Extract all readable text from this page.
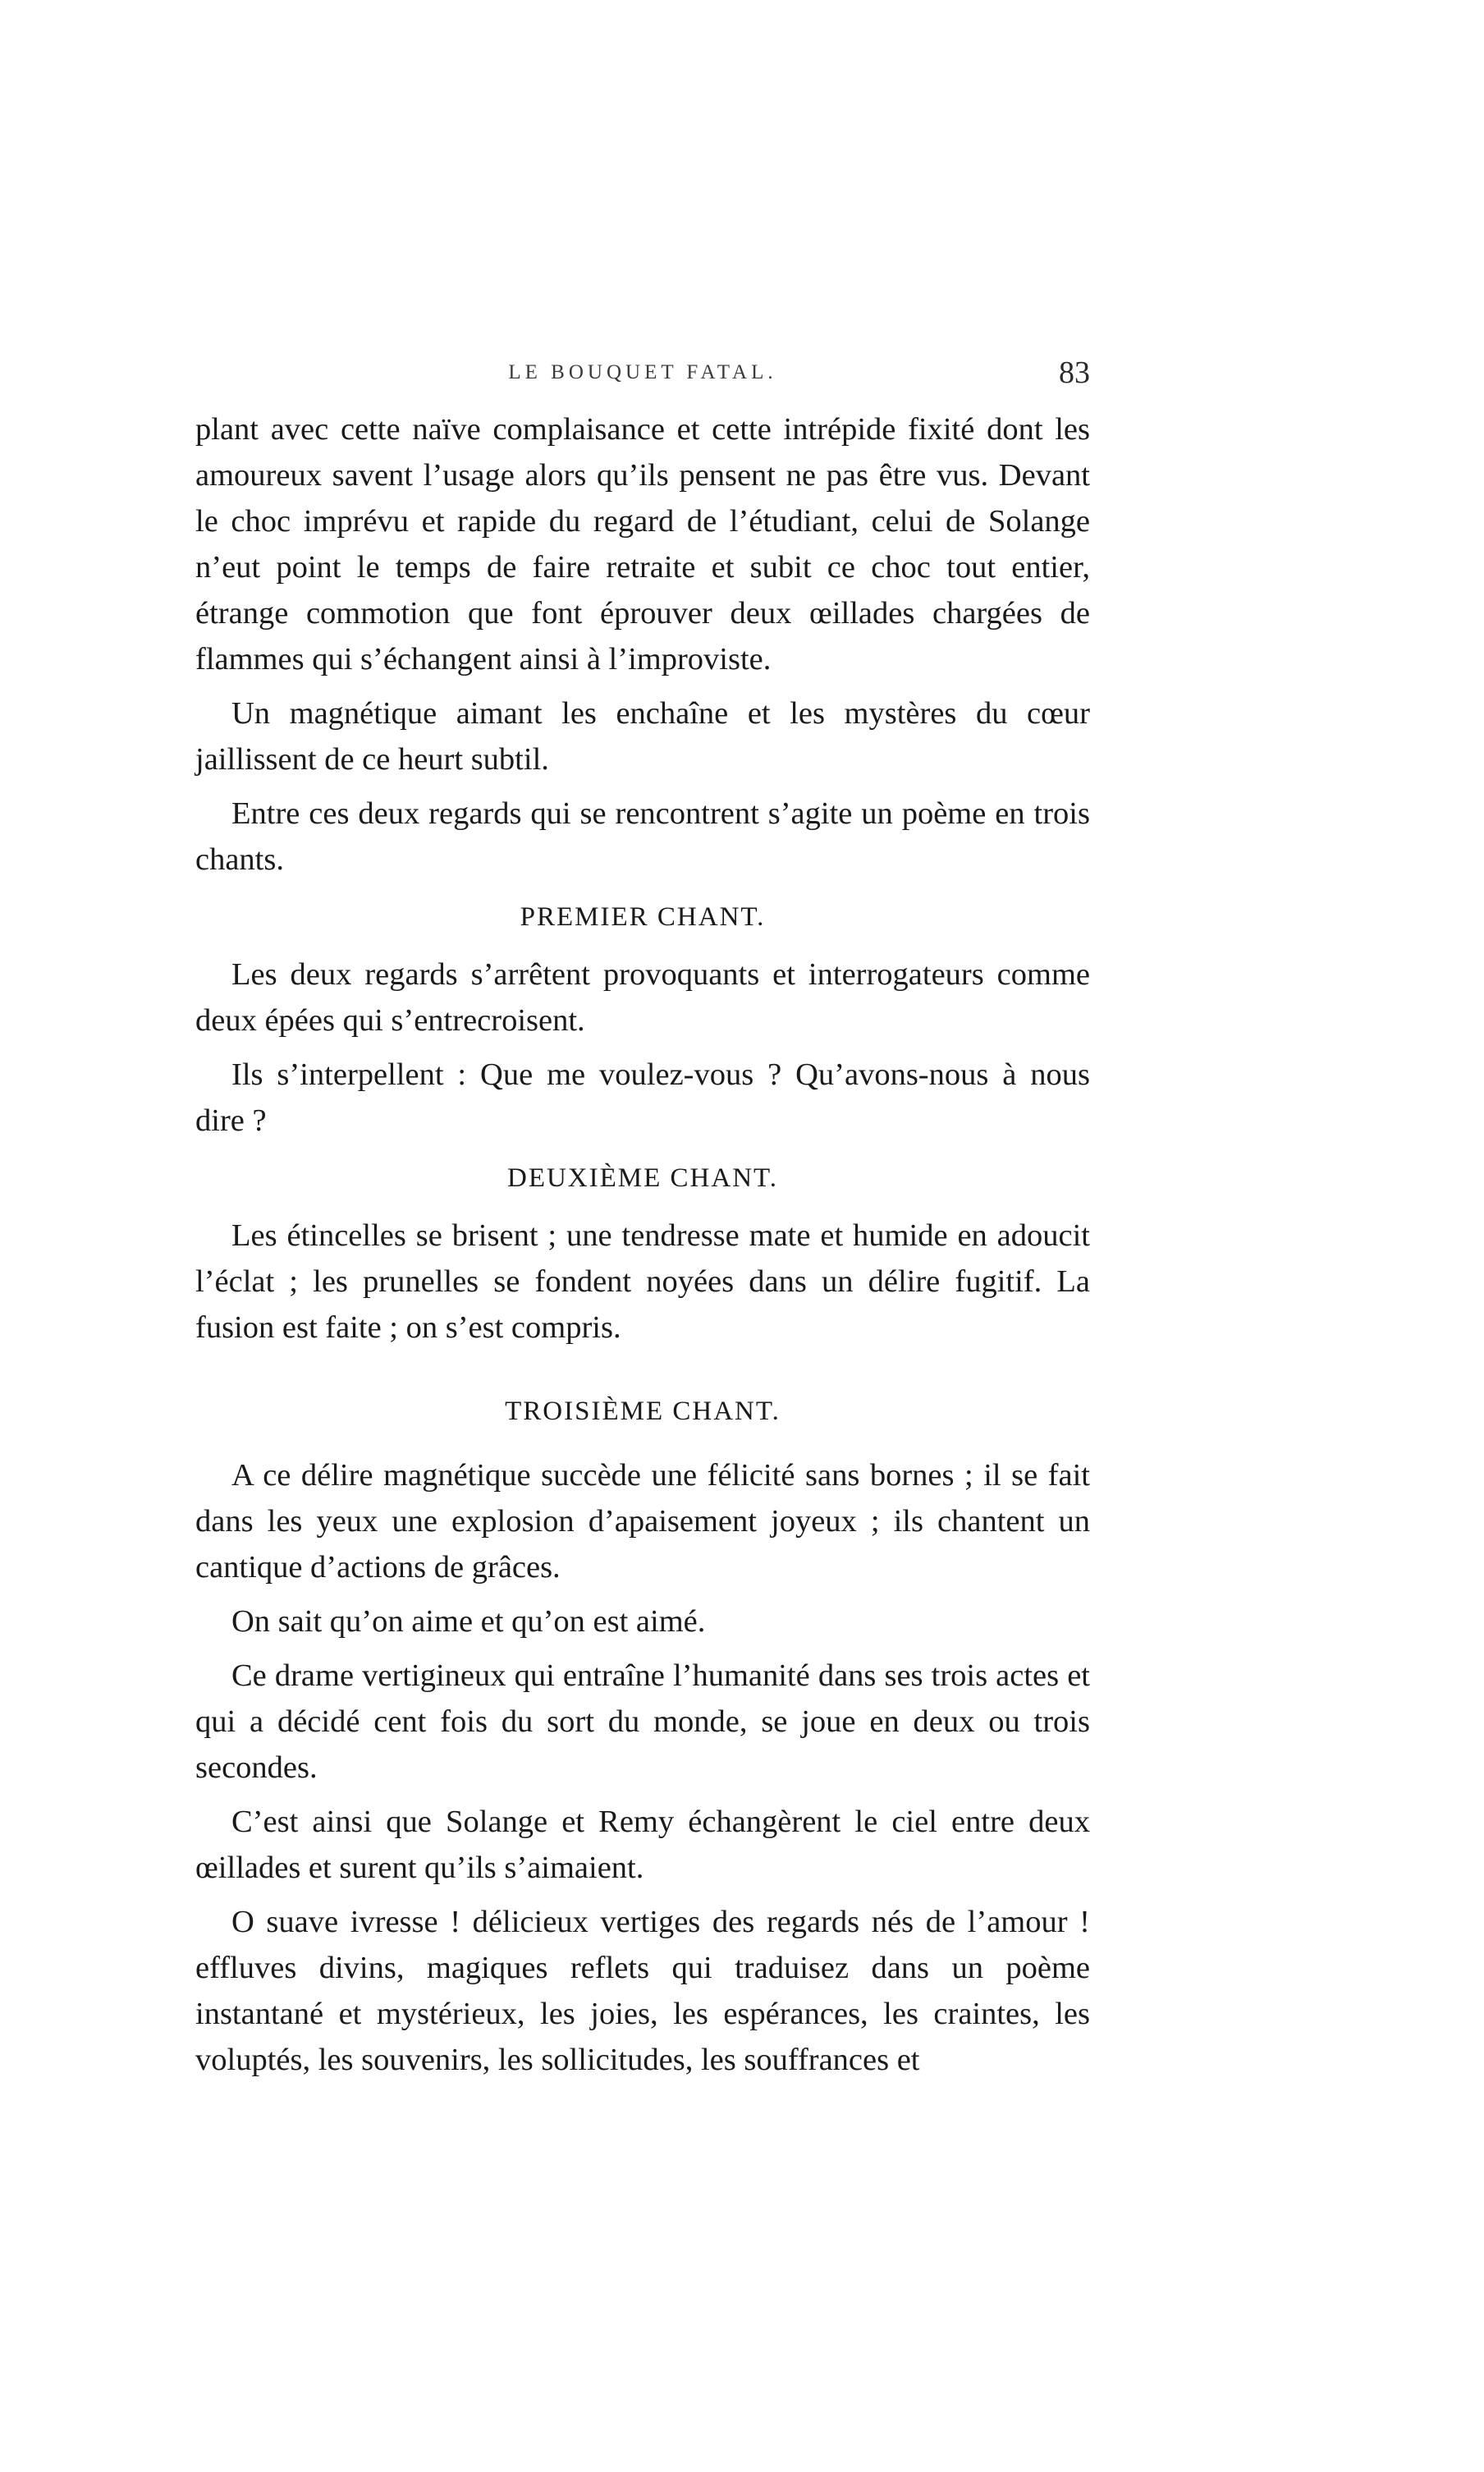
LE BOUQUET FATAL.	83

plant avec cette naïve complaisance et cette intrépide fixité dont les amoureux savent l’usage alors qu’ils pensent ne pas être vus. Devant le choc imprévu et rapide du regard de l’étudiant, celui de Solange n’eut point le temps de faire retraite et subit ce choc tout entier, étrange commotion que font éprouver deux œillades chargées de flammes qui s’échangent ainsi à l’improviste.

Un magnétique aimant les enchaîne et les mystères du cœur jaillissent de ce heurt subtil.

Entre ces deux regards qui se rencontrent s’agite un poème en trois chants.

PREMIER CHANT.

Les deux regards s’arrêtent provoquants et interrogateurs comme deux épées qui s’entrecroisent.

Ils s’interpellent : Que me voulez-vous ? Qu’avons-nous à nous dire ?

DEUXIÈME CHANT.

Les étincelles se brisent ; une tendresse mate et humide en adoucit l’éclat ; les prunelles se fondent noyées dans un délire fugitif. La fusion est faite ; on s’est compris.

TROISIÈME CHANT.

A ce délire magnétique succède une félicité sans bornes ; il se fait dans les yeux une explosion d’apaisement joyeux ; ils chantent un cantique d’actions de grâces.

On sait qu’on aime et qu’on est aimé.

Ce drame vertigineux qui entraîne l’humanité dans ses trois actes et qui a décidé cent fois du sort du monde, se joue en deux ou trois secondes.

C’est ainsi que Solange et Remy échangèrent le ciel entre deux œillades et surent qu’ils s’aimaient.

O suave ivresse ! délicieux vertiges des regards nés de l’amour ! effluves divins, magiques reflets qui traduisez dans un poème instantané et mystérieux, les joies, les espérances, les craintes, les voluptés, les souvenirs, les sollicitudes, les souffrances et
